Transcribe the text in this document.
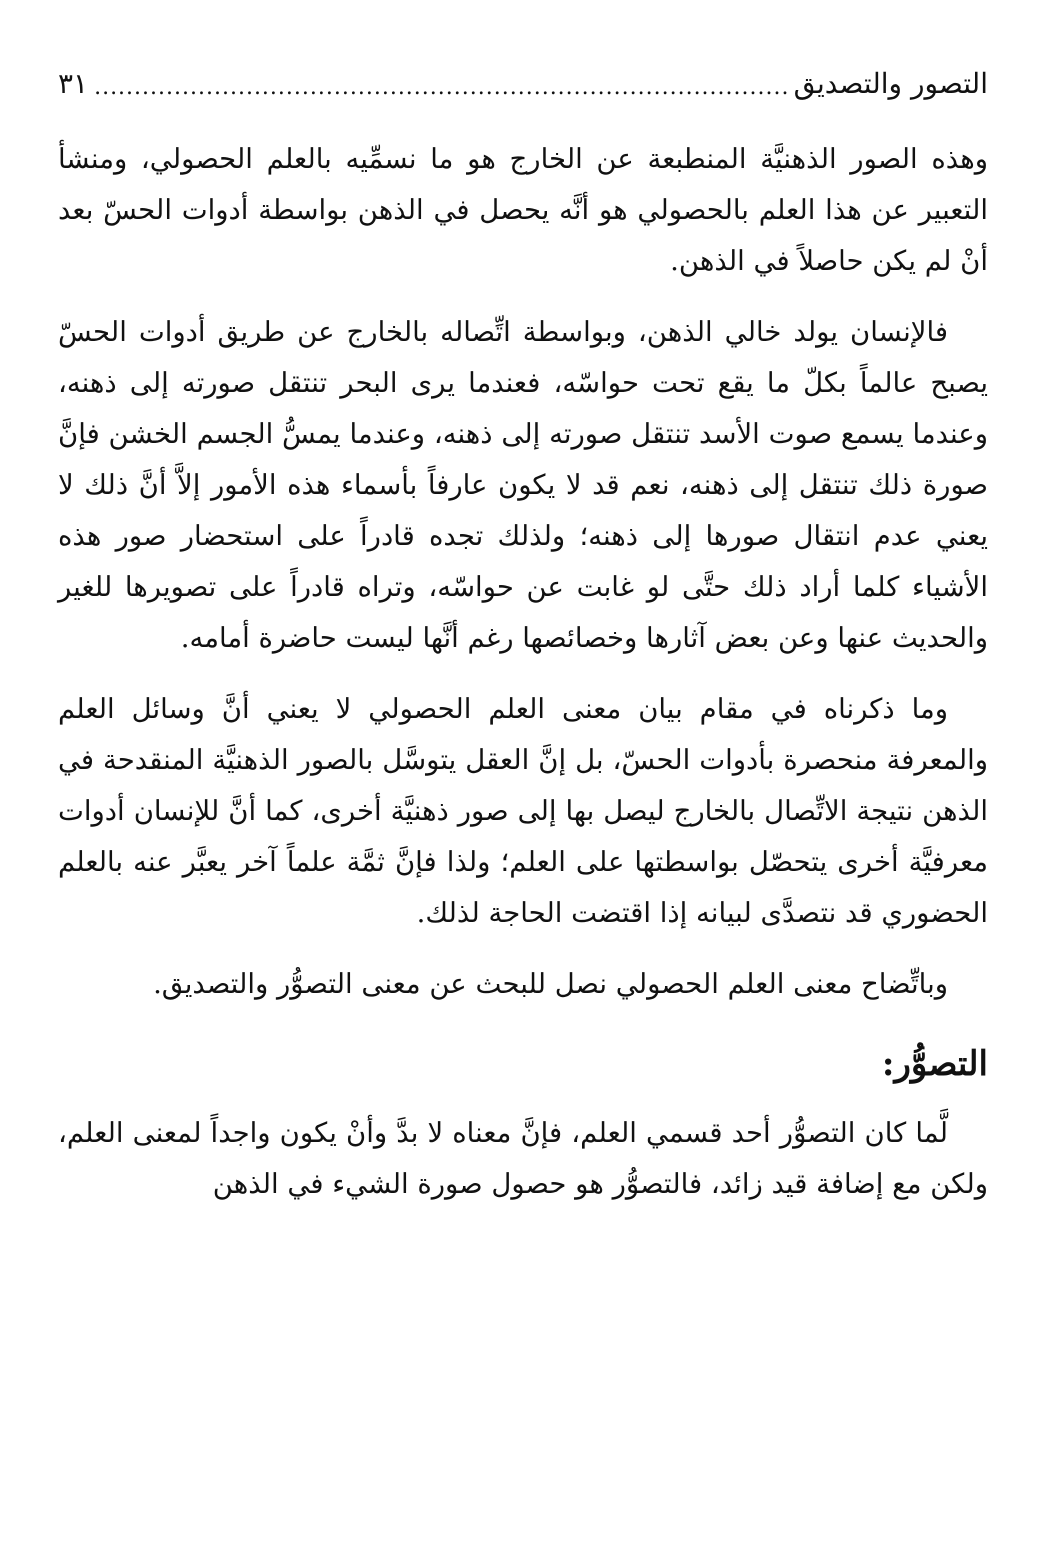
التصور والتصديق
.....
٣١

وهذه الصور الذهنيَّة المنطبعة عن الخارج هو ما نسمِّيه بالعلم الحصولي، ومنشأ التعبير عن هذا العلم بالحصولي هو أنَّه يحصل في الذهن بواسطة أدوات الحسّ بعد أنْ لم يكن حاصلاً في الذهن.

فالإنسان يولد خالي الذهن، وبواسطة اتِّصاله بالخارج عن طريق أدوات الحسّ يصبح عالماً بكلّ ما يقع تحت حواسّه، فعندما يرى البحر تنتقل صورته إلى ذهنه، وعندما يسمع صوت الأسد تنتقل صورته إلى ذهنه، وعندما يمسُّ الجسم الخشن فإنَّ صورة ذلك تنتقل إلى ذهنه، نعم قد لا يكون عارفاً بأسماء هذه الأمور إلاَّ أنَّ ذلك لا يعني عدم انتقال صورها إلى ذهنه؛ ولذلك تجده قادراً على استحضار صور هذه الأشياء كلما أراد ذلك حتَّى لو غابت عن حواسّه، وتراه قادراً على تصويرها للغير والحديث عنها وعن بعض آثارها وخصائصها رغم أنَّها ليست حاضرة أمامه.

وما ذكرناه في مقام بيان معنى العلم الحصولي لا يعني أنَّ وسائل العلم والمعرفة منحصرة بأدوات الحسّ، بل إنَّ العقل يتوسَّل بالصور الذهنيَّة المنقدحة في الذهن نتيجة الاتِّصال بالخارج ليصل بها إلى صور ذهنيَّة أخرى، كما أنَّ للإنسان أدوات معرفيَّة أخرى يتحصّل بواسطتها على العلم؛ ولذا فإنَّ ثمَّة علماً آخر يعبَّر عنه بالعلم الحضوري قد نتصدَّى لبيانه إذا اقتضت الحاجة لذلك.

وباتِّضاح معنى العلم الحصولي نصل للبحث عن معنى التصوُّر والتصديق.

التصوُّر:

لَّما كان التصوُّر أحد قسمي العلم، فإنَّ معناه لا بدَّ وأنْ يكون واجداً لمعنى العلم، ولكن مع إضافة قيد زائد، فالتصوُّر هو حصول صورة الشيء في الذهن
